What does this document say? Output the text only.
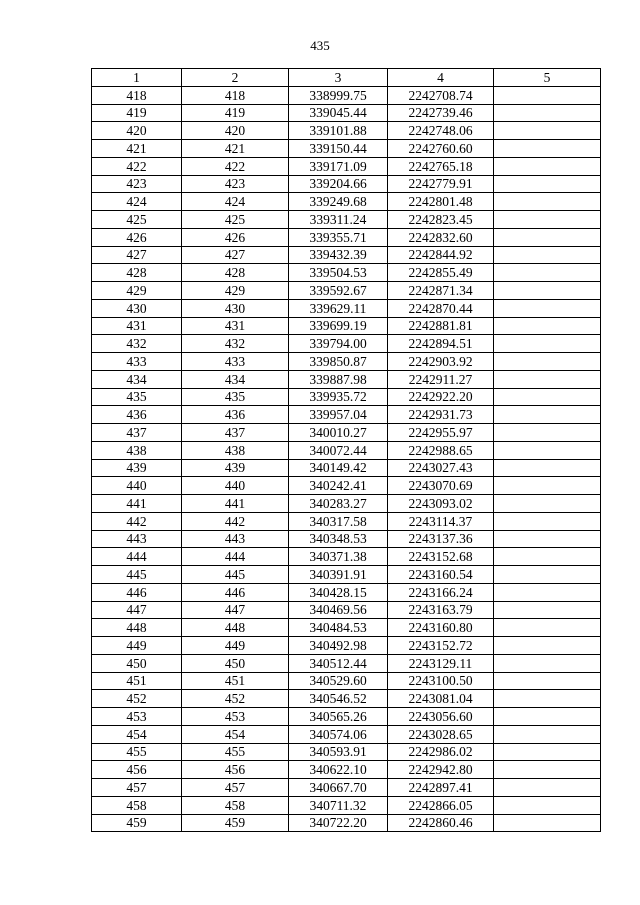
435
1	2	3	4	5
418	418	338999.75	2242708.74	
419	419	339045.44	2242739.46	
420	420	339101.88	2242748.06	
421	421	339150.44	2242760.60	
422	422	339171.09	2242765.18	
423	423	339204.66	2242779.91	
424	424	339249.68	2242801.48	
425	425	339311.24	2242823.45	
426	426	339355.71	2242832.60	
427	427	339432.39	2242844.92	
428	428	339504.53	2242855.49	
429	429	339592.67	2242871.34	
430	430	339629.11	2242870.44	
431	431	339699.19	2242881.81	
432	432	339794.00	2242894.51	
433	433	339850.87	2242903.92	
434	434	339887.98	2242911.27	
435	435	339935.72	2242922.20	
436	436	339957.04	2242931.73	
437	437	340010.27	2242955.97	
438	438	340072.44	2242988.65	
439	439	340149.42	2243027.43	
440	440	340242.41	2243070.69	
441	441	340283.27	2243093.02	
442	442	340317.58	2243114.37	
443	443	340348.53	2243137.36	
444	444	340371.38	2243152.68	
445	445	340391.91	2243160.54	
446	446	340428.15	2243166.24	
447	447	340469.56	2243163.79	
448	448	340484.53	2243160.80	
449	449	340492.98	2243152.72	
450	450	340512.44	2243129.11	
451	451	340529.60	2243100.50	
452	452	340546.52	2243081.04	
453	453	340565.26	2243056.60	
454	454	340574.06	2243028.65	
455	455	340593.91	2242986.02	
456	456	340622.10	2242942.80	
457	457	340667.70	2242897.41	
458	458	340711.32	2242866.05	
459	459	340722.20	2242860.46	
